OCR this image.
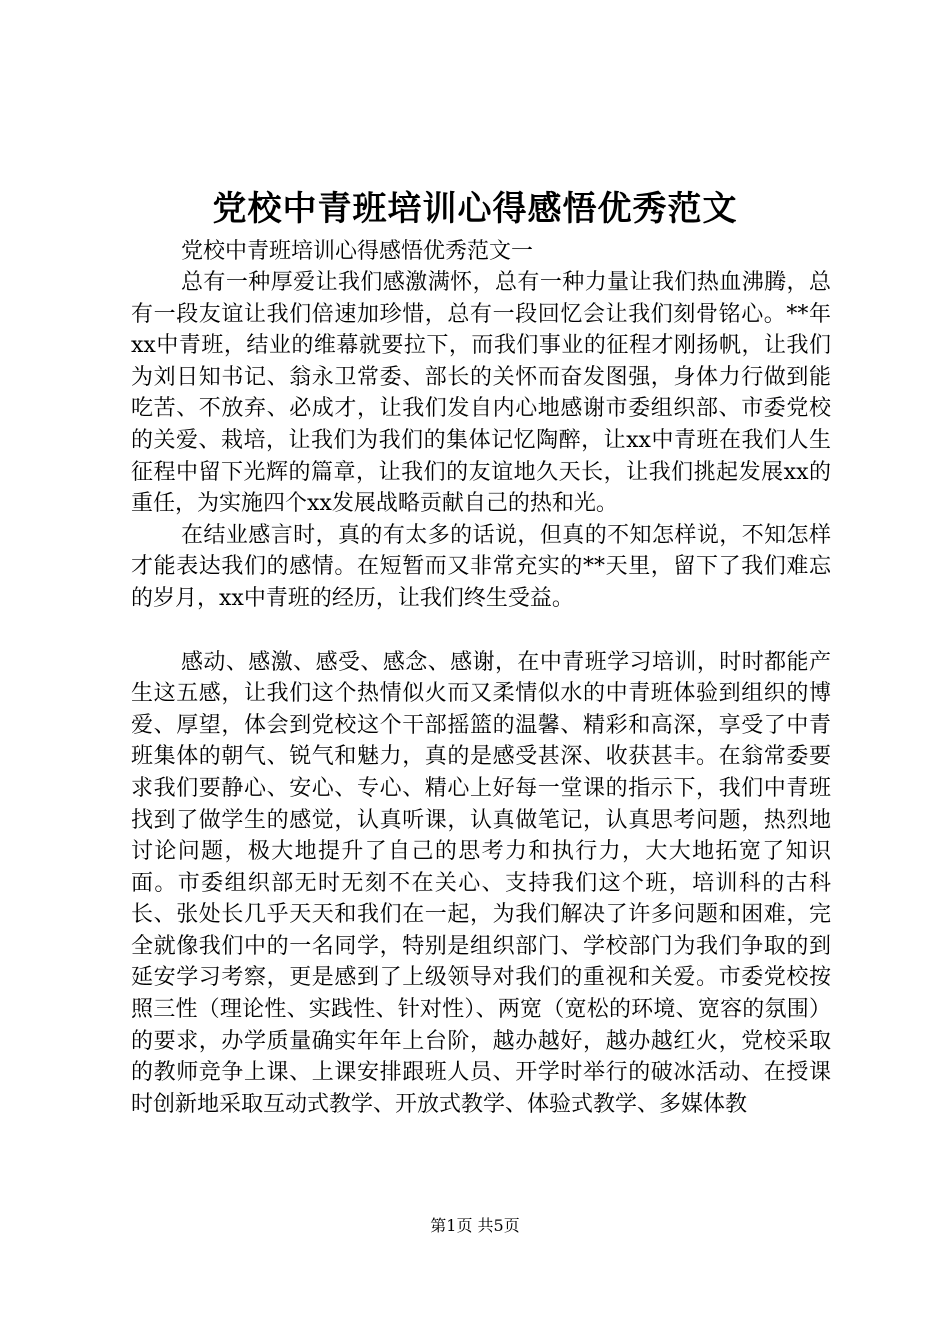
党校中青班培训心得感悟优秀范文

党校中青班培训心得感悟优秀范文一

总有一种厚爱让我们感激满怀，总有一种力量让我们热血沸腾，总有一段友谊让我们倍速加珍惜，总有一段回忆会让我们刻骨铭心。**年xx中青班，结业的维幕就要拉下，而我们事业的征程才刚扬帆，让我们为刘日知书记、翁永卫常委、部长的关怀而奋发图强，身体力行做到能吃苦、不放弃、必成才，让我们发自内心地感谢市委组织部、市委党校的关爱、栽培，让我们为我们的集体记忆陶醉，让xx中青班在我们人生征程中留下光辉的篇章，让我们的友谊地久天长，让我们挑起发展xx的重任，为实施四个xx发展战略贡献自己的热和光。

在结业感言时，真的有太多的话说，但真的不知怎样说，不知怎样才能表达我们的感情。在短暂而又非常充实的**天里，留下了我们难忘的岁月，xx中青班的经历，让我们终生受益。

感动、感激、感受、感念、感谢，在中青班学习培训，时时都能产生这五感，让我们这个热情似火而又柔情似水的中青班体验到组织的博爱、厚望，体会到党校这个干部摇篮的温馨、精彩和高深，享受了中青班集体的朝气、锐气和魅力，真的是感受甚深、收获甚丰。在翁常委要求我们要静心、安心、专心、精心上好每一堂课的指示下，我们中青班找到了做学生的感觉，认真听课，认真做笔记，认真思考问题，热烈地讨论问题，极大地提升了自己的思考力和执行力，大大地拓宽了知识面。市委组织部无时无刻不在关心、支持我们这个班，培训科的古科长、张处长几乎天天和我们在一起，为我们解决了许多问题和困难，完全就像我们中的一名同学，特别是组织部门、学校部门为我们争取的到延安学习考察，更是感到了上级领导对我们的重视和关爱。市委党校按照三性（理论性、实践性、针对性）、两宽（宽松的环境、宽容的氛围）的要求，办学质量确实年年上台阶，越办越好，越办越红火，党校采取的教师竞争上课、上课安排跟班人员、开学时举行的破冰活动、在授课时创新地采取互动式教学、开放式教学、体验式教学、多媒体教

第1页 共5页
